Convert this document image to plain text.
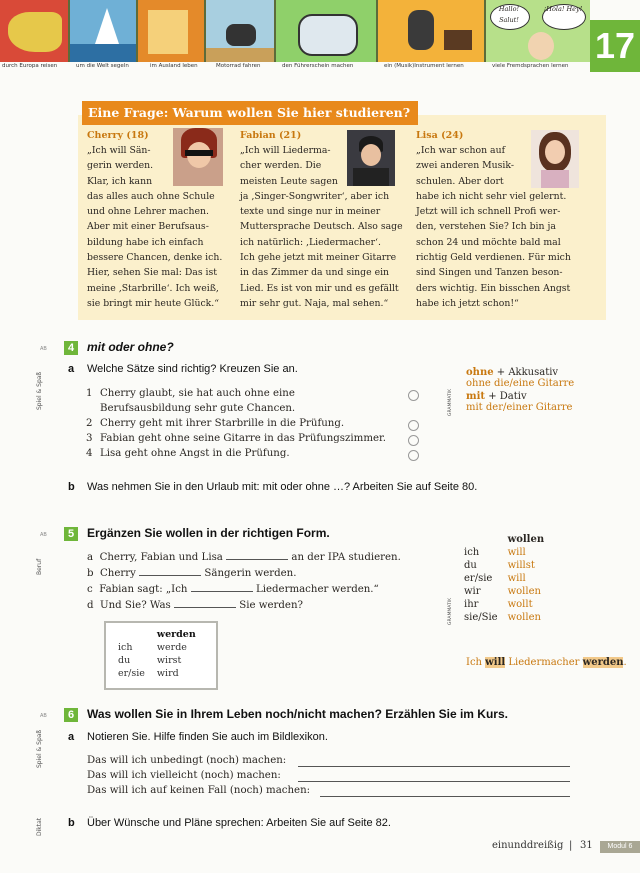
Hallo! Salut!
¡Hola! Hey!
durch Europa reisen	um die Welt segeln	im Ausland leben	Motorrad fahren	den Führerschein machen	ein (Musik)Instrument lernen	viele Fremdsprachen lernen 17
Eine Frage: Warum wollen Sie hier studieren?
Cherry (18)
„Ich will Sän-
gerin werden.
Klar, ich kann
das alles auch ohne Schule
und ohne Lehrer machen.
Aber mit einer Berufsaus-
bildung habe ich einfach
bessere Chancen, denke ich.
Hier, sehen Sie mal: Das ist
meine ‚Starbrille‘. Ich weiß,
sie bringt mir heute Glück.“
Fabian (21)
„Ich will Liederma-
cher werden. Die
meisten Leute sagen
ja ‚Singer-Songwriter‘, aber ich
texte und singe nur in meiner
Muttersprache Deutsch. Also sage
ich natürlich: ‚Liedermacher‘.
Ich gehe jetzt mit meiner Gitarre
in das Zimmer da und singe ein
Lied. Es ist von mir und es gefällt
mir sehr gut. Naja, mal sehen.“
Lisa (24)
„Ich war schon auf
zwei anderen Musik-
schulen. Aber dort
habe ich nicht sehr viel gelernt.
Jetzt will ich schnell Profi wer-
den, verstehen Sie? Ich bin ja
schon 24 und möchte bald mal
richtig Geld verdienen. Für mich
sind Singen und Tanzen beson-
ders wichtig. Ein bisschen Angst
habe ich jetzt schon!“
AB	4	mit oder ohne?
Spiel & Spaß
a Welche Sätze sind richtig? Kreuzen Sie an.
1 Cherry glaubt, sie hat auch ohne eine
Berufsausbildung sehr gute Chancen.
2 Cherry geht mit ihrer Starbrille in die Prüfung.
3 Fabian geht ohne seine Gitarre in das Prüfungszimmer.
4 Lisa geht ohne Angst in die Prüfung.
GRAMMATIK
ohne + Akkusativ
ohne die/eine Gitarre
mit + Dativ
mit der/einer Gitarre
b Was nehmen Sie in den Urlaub mit: mit oder ohne …? Arbeiten Sie auf Seite 80.
AB	5	Ergänzen Sie wollen in der richtigen Form.
Beruf
a Cherry, Fabian und Lisa	an der IPA studieren.
b Cherry	Sängerin werden.
c Fabian sagt: „Ich	Liedermacher werden.“
d Und Sie? Was	Sie werden?
	werden
ich	werde
du	wirst
er/sie	wird
GRAMMATIK
	wollen
ich	will
du	willst
er/sie	will
wir	wollen
ihr	wollt
sie/Sie	wollen
Ich will Liedermacher werden.
AB	6	Was wollen Sie in Ihrem Leben noch/nicht machen? Erzählen Sie im Kurs.
Spiel & Spaß a Notieren Sie. Hilfe finden Sie auch im Bildlexikon.
Das will ich unbedingt (noch) machen:
Das will ich vielleicht (noch) machen:
Das will ich auf keinen Fall (noch) machen:
Diktat b Über Wünsche und Pläne sprechen: Arbeiten Sie auf Seite 82.
einunddreißig | 31	Modul 6
